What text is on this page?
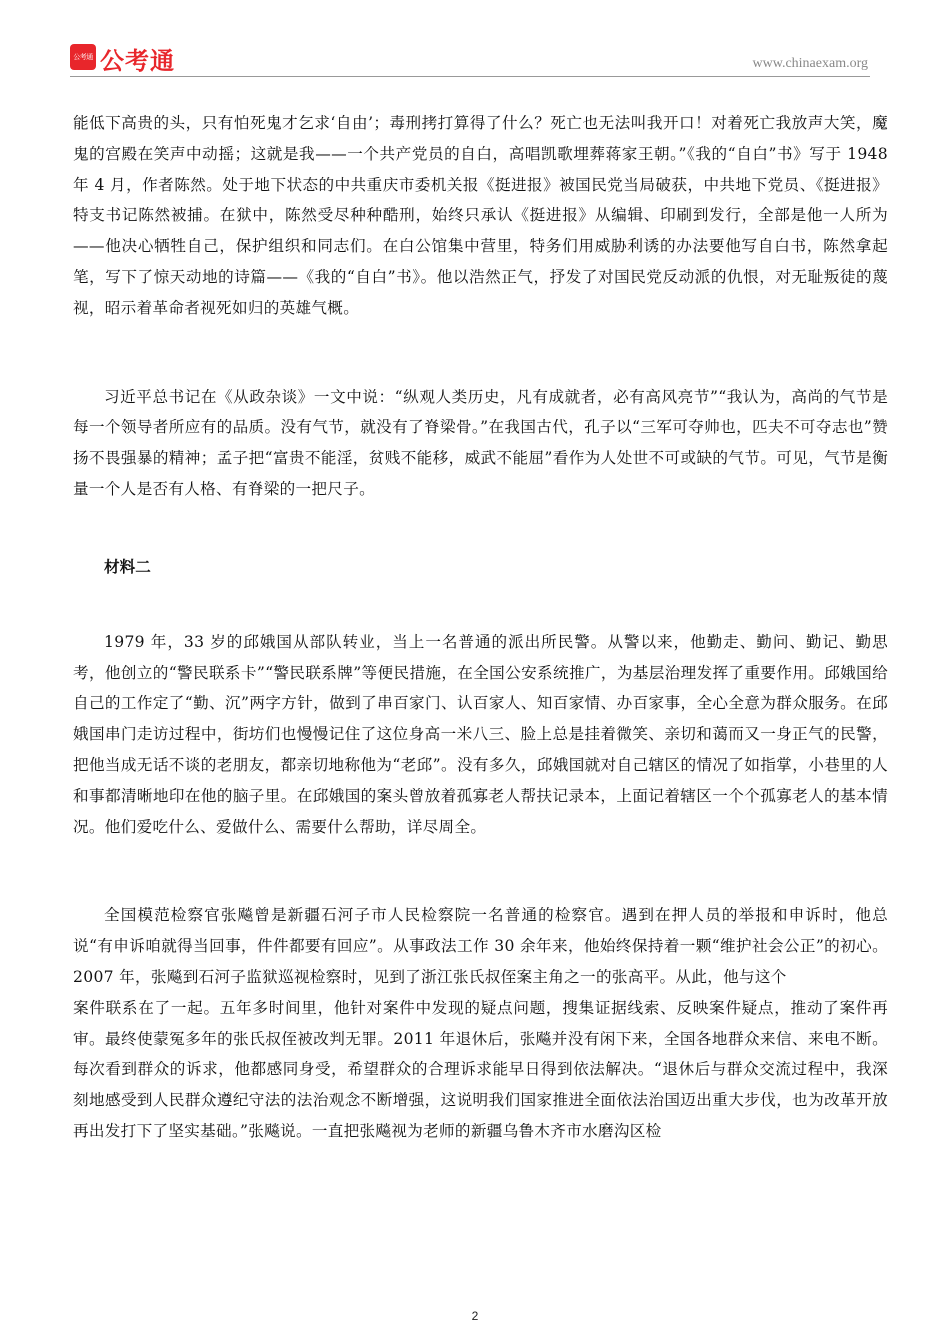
公考通 公考通	www.chinaexam.org

能低下高贵的头，只有怕死鬼才乞求‘自由’；毒刑拷打算得了什么？死亡也无法叫我开口！对着死亡我放声大笑，魔鬼的宫殿在笑声中动摇；这就是我——一个共产党员的自白，高唱凯歌埋葬蒋家王朝。”《我的“自白”书》写于 1948 年 4 月，作者陈然。处于地下状态的中共重庆市委机关报《挺进报》被国民党当局破获，中共地下党员、《挺进报》特支书记陈然被捕。在狱中，陈然受尽种种酷刑，始终只承认《挺进报》从编辑、印刷到发行，全部是他一人所为——他决心牺牲自己，保护组织和同志们。在白公馆集中营里，特务们用威胁利诱的办法要他写自白书，陈然拿起笔，写下了惊天动地的诗篇——《我的“自白”书》。他以浩然正气，抒发了对国民党反动派的仇恨，对无耻叛徒的蔑视，昭示着革命者视死如归的英雄气概。

习近平总书记在《从政杂谈》一文中说：“纵观人类历史，凡有成就者，必有高风亮节”“我认为，高尚的气节是每一个领导者所应有的品质。没有气节，就没有了脊梁骨。”在我国古代，孔子以“三军可夺帅也，匹夫不可夺志也”赞扬不畏强暴的精神；孟子把“富贵不能淫，贫贱不能移，威武不能屈”看作为人处世不可或缺的气节。可见，气节是衡量一个人是否有人格、有脊梁的一把尺子。

材料二

1979 年，33 岁的邱娥国从部队转业，当上一名普通的派出所民警。从警以来，他勤走、勤问、勤记、勤思考，他创立的“警民联系卡”“警民联系牌”等便民措施，在全国公安系统推广，为基层治理发挥了重要作用。邱娥国给自己的工作定了“勤、沉”两字方针，做到了串百家门、认百家人、知百家情、办百家事，全心全意为群众服务。在邱娥国串门走访过程中，街坊们也慢慢记住了这位身高一米八三、脸上总是挂着微笑、亲切和蔼而又一身正气的民警，把他当成无话不谈的老朋友，都亲切地称他为“老邱”。没有多久，邱娥国就对自己辖区的情况了如指掌，小巷里的人和事都清晰地印在他的脑子里。在邱娥国的案头曾放着孤寡老人帮扶记录本，上面记着辖区一个个孤寡老人的基本情况。他们爱吃什么、爱做什么、需要什么帮助，详尽周全。

全国模范检察官张飚曾是新疆石河子市人民检察院一名普通的检察官。遇到在押人员的举报和申诉时，他总说“有申诉咱就得当回事，件件都要有回应”。从事政法工作 30 余年来，他始终保持着一颗“维护社会公正”的初心。2007 年，张飚到石河子监狱巡视检察时，见到了浙江张氏叔侄案主角之一的张高平。从此，他与这个

案件联系在了一起。五年多时间里，他针对案件中发现的疑点问题，搜集证据线索、反映案件疑点，推动了案件再审。最终使蒙冤多年的张氏叔侄被改判无罪。2011 年退休后，张飚并没有闲下来，全国各地群众来信、来电不断。每次看到群众的诉求，他都感同身受，希望群众的合理诉求能早日得到依法解决。“退休后与群众交流过程中，我深刻地感受到人民群众遵纪守法的法治观念不断增强，这说明我们国家推进全面依法治国迈出重大步伐，也为改革开放再出发打下了坚实基础。”张飚说。一直把张飚视为老师的新疆乌鲁木齐市水磨沟区检

2
